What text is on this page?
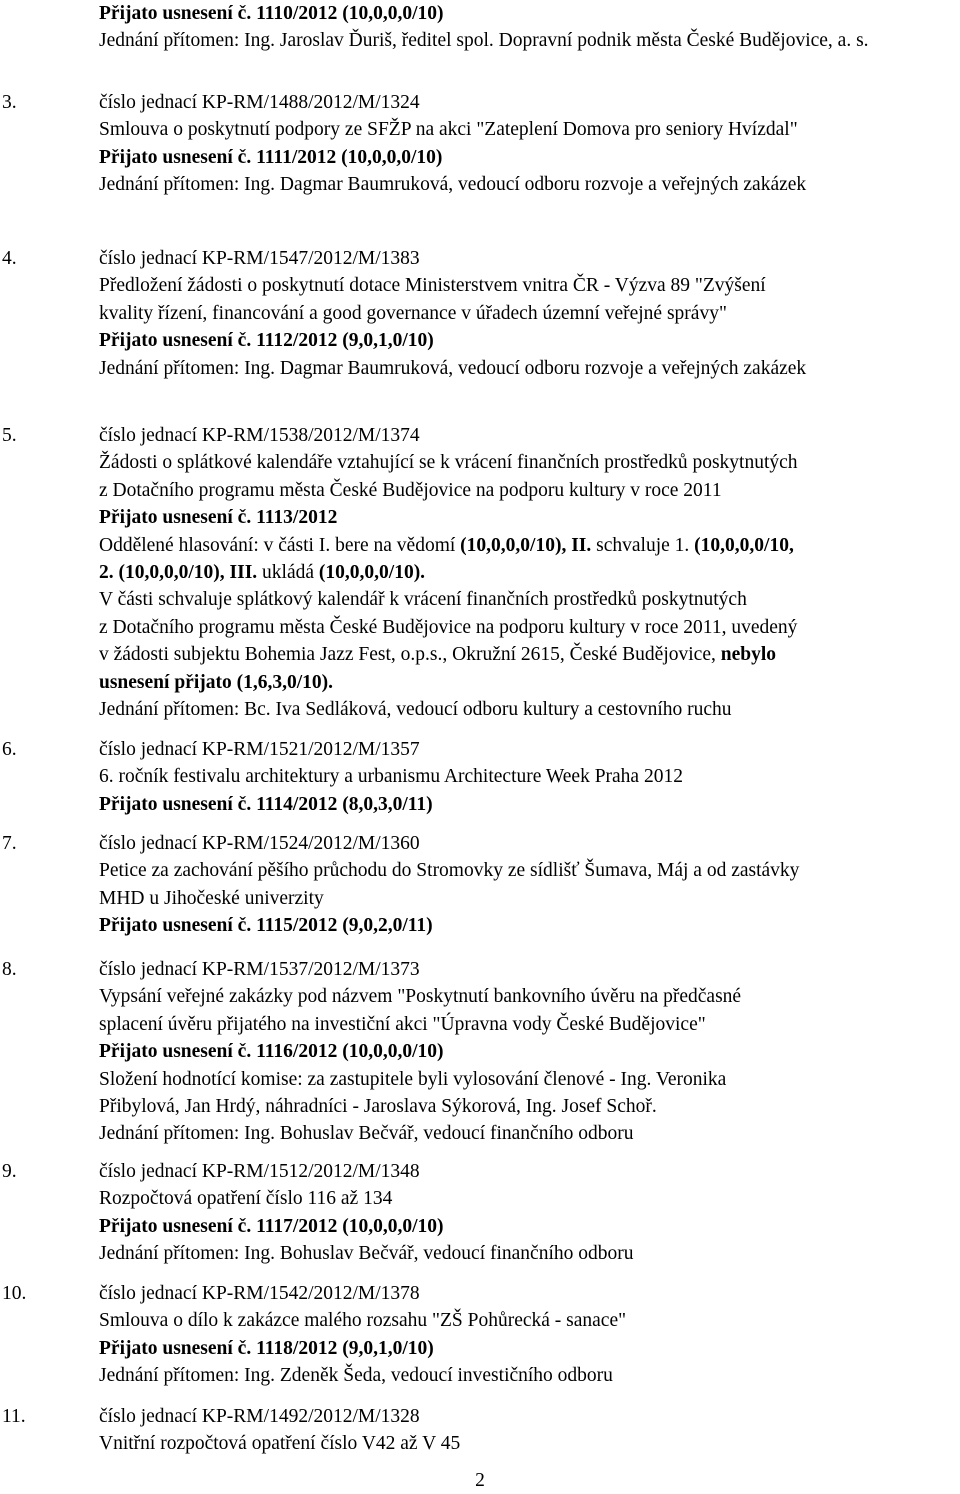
Přijato usnesení č. 1110/2012 (10,0,0,0/10)
Jednání přítomen: Ing. Jaroslav Ďuriš, ředitel spol. Dopravní podnik města České Budějovice, a. s.
3.	číslo jednací KP-RM/1488/2012/M/1324
Smlouva o poskytnutí podpory ze SFŽP na akci "Zateplení Domova pro seniory Hvízdal"
Přijato usnesení č. 1111/2012 (10,0,0,0/10)
Jednání přítomen: Ing. Dagmar Baumruková, vedoucí odboru rozvoje a veřejných zakázek
4.	číslo jednací KP-RM/1547/2012/M/1383
Předložení žádosti o poskytnutí dotace Ministerstvem vnitra ČR - Výzva 89 "Zvýšení
kvality řízení, financování a good governance v úřadech územní veřejné správy"
Přijato usnesení č. 1112/2012 (9,0,1,0/10)
Jednání přítomen: Ing. Dagmar Baumruková, vedoucí odboru rozvoje a veřejných zakázek
5.	číslo jednací KP-RM/1538/2012/M/1374
Žádosti o splátkové kalendáře vztahující se k vrácení finančních prostředků poskytnutých
z Dotačního programu města České Budějovice na podporu kultury v roce 2011
Přijato usnesení č. 1113/2012
Oddělené hlasování: v části I. bere na vědomí (10,0,0,0/10), II. schvaluje 1. (10,0,0,0/10,
2. (10,0,0,0/10), III. ukládá (10,0,0,0/10).
V části schvaluje splátkový kalendář k vrácení finančních prostředků poskytnutých
z Dotačního programu města České Budějovice na podporu kultury v roce 2011, uvedený
v žádosti subjektu Bohemia Jazz Fest, o.p.s., Okružní 2615, České Budějovice, nebylo
usnesení přijato (1,6,3,0/10).
Jednání přítomen: Bc. Iva Sedláková, vedoucí odboru kultury a cestovního ruchu
6.	číslo jednací KP-RM/1521/2012/M/1357
6. ročník festivalu architektury a urbanismu Architecture Week Praha 2012
Přijato usnesení č. 1114/2012 (8,0,3,0/11)
7.	číslo jednací KP-RM/1524/2012/M/1360
Petice za zachování pěšího průchodu do Stromovky ze sídlišť Šumava, Máj a od zastávky
MHD u Jihočeské univerzity
Přijato usnesení č. 1115/2012 (9,0,2,0/11)
8.	číslo jednací KP-RM/1537/2012/M/1373
Vypsání veřejné zakázky pod názvem "Poskytnutí bankovního úvěru na předčasné
splacení úvěru přijatého na investiční akci "Úpravna vody České Budějovice"
Přijato usnesení č. 1116/2012 (10,0,0,0/10)
Složení hodnotící komise: za zastupitele byli vylosování členové - Ing. Veronika
Přibylová, Jan Hrdý, náhradníci - Jaroslava Sýkorová, Ing. Josef Schoř.
Jednání přítomen: Ing. Bohuslav Bečvář, vedoucí finančního odboru
9.	číslo jednací KP-RM/1512/2012/M/1348
Rozpočtová opatření číslo 116 až 134
Přijato usnesení č. 1117/2012 (10,0,0,0/10)
Jednání přítomen: Ing. Bohuslav Bečvář, vedoucí finančního odboru
10.	číslo jednací KP-RM/1542/2012/M/1378
Smlouva o dílo k zakázce malého rozsahu "ZŠ Pohůrecká - sanace"
Přijato usnesení č. 1118/2012 (9,0,1,0/10)
Jednání přítomen: Ing. Zdeněk Šeda, vedoucí investičního odboru
11.	číslo jednací KP-RM/1492/2012/M/1328
Vnitřní rozpočtová opatření číslo V42 až V 45
2
